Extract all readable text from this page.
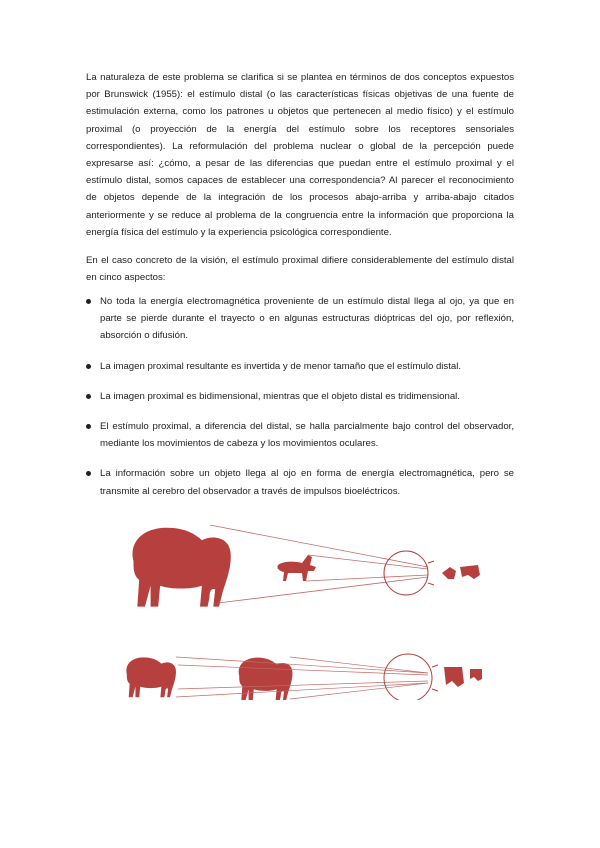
La naturaleza de este problema se clarifica si se plantea en términos de dos conceptos expuestos por Brunswick (1955): el estímulo distal (o las características físicas objetivas de una fuente de estimulación externa, como los patrones u objetos que pertenecen al medio físico) y el estímulo proximal (o proyección de la energía del estímulo sobre los receptores sensoriales correspondientes). La reformulación del problema nuclear o global de la percepción puede expresarse así: ¿cómo, a pesar de las diferencias que puedan entre el estímulo proximal y el estímulo distal, somos capaces de establecer una correspondencia? Al parecer el reconocimiento de objetos depende de la integración de los procesos abajo-arriba y arriba-abajo citados anteriormente y se reduce al problema de la congruencia entre la información que proporciona la energía física del estímulo y la experiencia psicológica correspondiente.

En el caso concreto de la visión, el estímulo proximal difiere considerablemente del estímulo distal en cinco aspectos:

No toda la energía electromagnética proveniente de un estímulo distal llega al ojo, ya que en parte se pierde durante el trayecto o en algunas estructuras dióptricas del ojo, por reflexión, absorción o difusión.
La imagen proximal resultante es invertida y de menor tamaño que el estímulo distal.
La imagen proximal es bidimensional, mientras que el objeto distal es tridimensional.
El estímulo proximal, a diferencia del distal, se halla parcialmente bajo control del observador, mediante los movimientos de cabeza y los movimientos oculares.
La información sobre un objeto llega al ojo en forma de energía electromagnética, pero se transmite al cerebro del observador a través de impulsos bioeléctricos.
